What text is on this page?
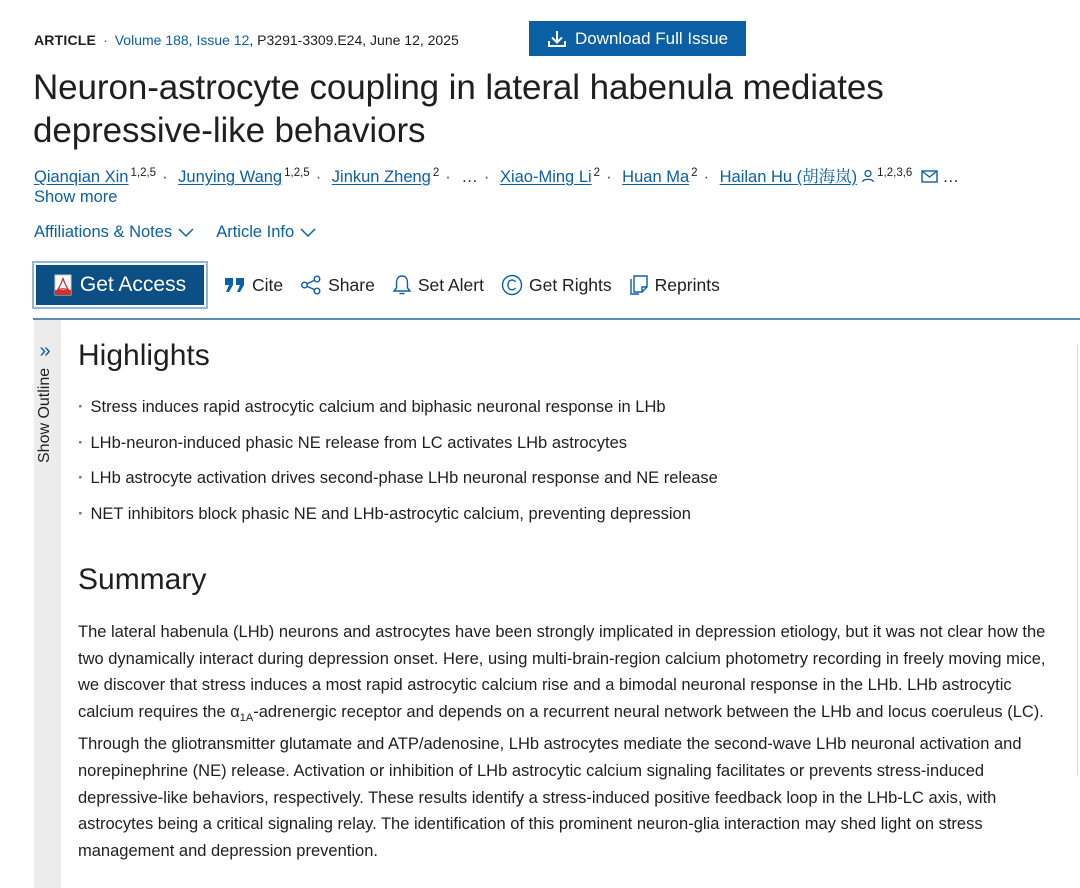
ARTICLE · Volume 188, Issue 12 , P3291-3309.E24, June 12, 2025	Download Full Issue
Neuron-astrocyte coupling in lateral habenula mediates depressive-like behaviors
Qianqian Xin $^{1,2,5}$ · Junying Wang $^{1,2,5}$ · Jinkun Zheng $^2$ · … · Xiao-Ming Li $^2$ · Huan Ma $^2$ · Hailan Hu (胡海岚) $^{1,2,3,6}$ …
Show more
Affiliations & Notes	Article Info
Get Access	Cite	Share Set Alert	Get Rights Reprints
»
Show Outline
Highlights
· Stress induces rapid astrocytic calcium and biphasic neuronal response in LHb
· LHb-neuron-induced phasic NE release from LC activates LHb astrocytes
· LHb astrocyte activation drives second-phase LHb neuronal response and NE release
· NET inhibitors block phasic NE and LHb-astrocytic calcium, preventing depression
Summary

The lateral habenula (LHb) neurons and astrocytes have been strongly implicated in depression etiology, but it was not clear how the two dynamically interact during depression onset. Here, using multi-brain-region calcium photometry recording in freely moving mice, we discover that stress induces a most rapid astrocytic calcium rise and a bimodal neuronal response in the LHb. LHb astrocytic calcium requires the $\alpha_{1A}$-adrenergic receptor and depends on a recurrent neural network between the LHb and locus coeruleus (LC). Through the gliotransmitter glutamate and ATP/adenosine, LHb astrocytes mediate the second-wave LHb neuronal activation and norepinephrine (NE) release. Activation or inhibition of LHb astrocytic calcium signaling facilitates or prevents stress-induced depressive-like behaviors, respectively. These results identify a stress-induced positive feedback loop in the LHb-LC axis, with astrocytes being a critical signaling relay. The identification of this prominent neuron-glia interaction may shed light on stress management and depression prevention.
